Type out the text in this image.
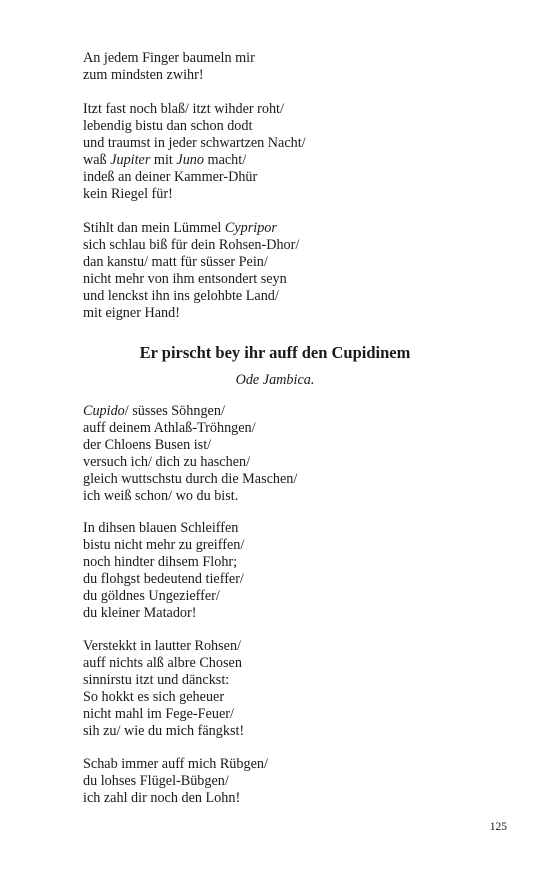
An jedem Finger baumeln mir
zum mindsten zwihr!
Itzt fast noch blaß/ itzt wihder roht/
lebendig bistu dan schon dodt
und traumst in jeder schwartzen Nacht/
waß Jupiter mit Juno macht/
indeß an deiner Kammer-Dhür
kein Riegel für!
Stihlt dan mein Lümmel Cypripor
sich schlau biß für dein Rohsen-Dhor/
dan kanstu/ matt für süsser Pein/
nicht mehr von ihm entsondert seyn
und lenckst ihn ins gelohbte Land/
mit eigner Hand!
Er pirscht bey ihr auff den Cupidinem

Ode Jambica.

Cupido/ süsses Söhngen/
auff deinem Athlaß-Tröhngen/
der Chloens Busen ist/
versuch ich/ dich zu haschen/
gleich wuttschstu durch die Maschen/
ich weiß schon/ wo du bist.
In dihsen blauen Schleiffen
bistu nicht mehr zu greiffen/
noch hindter dihsem Flohr;
du flohgst bedeutend tieffer/
du göldnes Ungezieffer/
du kleiner Matador!
Verstekkt in lautter Rohsen/
auff nichts alß albre Chosen
sinnirstu itzt und dänckst:
So hokkt es sich geheuer
nicht mahl im Fege-Feuer/
sih zu/ wie du mich fängkst!
Schab immer auff mich Rübgen/
du lohses Flügel-Bübgen/
ich zahl dir noch den Lohn!
125
